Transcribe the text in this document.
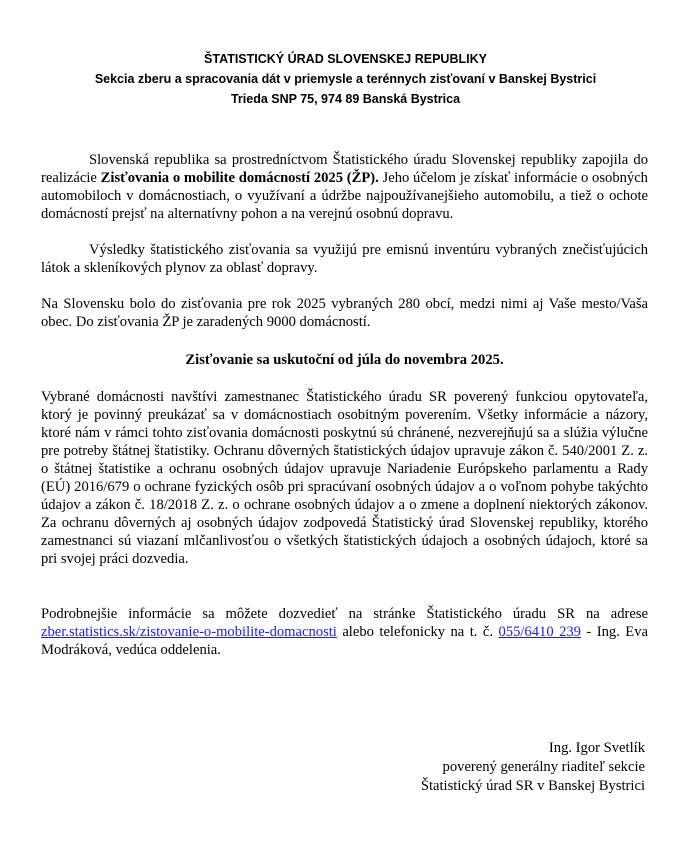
ŠTATISTICKÝ ÚRAD SLOVENSKEJ REPUBLIKY
Sekcia zberu a spracovania dát v priemysle a terénnych zisťovaní v Banskej Bystrici
Trieda SNP 75, 974 89 Banská Bystrica
Slovenská republika sa prostredníctvom Štatistického úradu Slovenskej republiky zapojila do realizácie Zisťovania o mobilite domácností 2025 (ŽP). Jeho účelom je získať informácie o osobných automobiloch v domácnostiach, o využívaní a údržbe najpoužívanejšieho automobilu, a tiež o ochote domácností prejsť na alternatívny pohon a na verejnú osobnú dopravu.
Výsledky štatistického zisťovania sa využijú pre emisnú inventúru vybraných znečisťujúcich látok a skleníkových plynov za oblasť dopravy.
Na Slovensku bolo do zisťovania pre rok 2025 vybraných 280 obcí, medzi nimi aj Vaše mesto/Vaša obec. Do zisťovania ŽP je zaradených 9000 domácností.
Zisťovanie sa uskutoční od júla do novembra 2025.
Vybrané domácnosti navštívi zamestnanec Štatistického úradu SR poverený funkciou opytovateľa, ktorý je povinný preukázať sa v domácnostiach osobitným poverením. Všetky informácie a názory, ktoré nám v rámci tohto zisťovania domácnosti poskytnú sú chránené, nezverejňujú sa a slúžia výlučne pre potreby štátnej štatistiky. Ochranu dôverných štatistických údajov upravuje zákon č. 540/2001 Z. z. o štátnej štatistike a ochranu osobných údajov upravuje Nariadenie Európskeho parlamentu a Rady (EÚ) 2016/679 o ochrane fyzických osôb pri spracúvaní osobných údajov a o voľnom pohybe takýchto údajov a zákon č. 18/2018 Z. z. o ochrane osobných údajov a o zmene a doplnení niektorých zákonov. Za ochranu dôverných aj osobných údajov zodpovedá Štatistický úrad Slovenskej republiky, ktorého zamestnanci sú viazaní mlčanlivosťou o všetkých štatistických údajoch a osobných údajoch, ktoré sa pri svojej práci dozvedia.
Podrobnejšie informácie sa môžete dozvedieť na stránke Štatistického úradu SR na adrese zber.statistics.sk/zistovanie-o-mobilite-domacnosti alebo telefonicky na t. č. 055/6410 239 - Ing. Eva Modráková, vedúca oddelenia.
Ing. Igor Svetlík
poverený generálny riaditeľ sekcie
Štatistický úrad SR v Banskej Bystrici
